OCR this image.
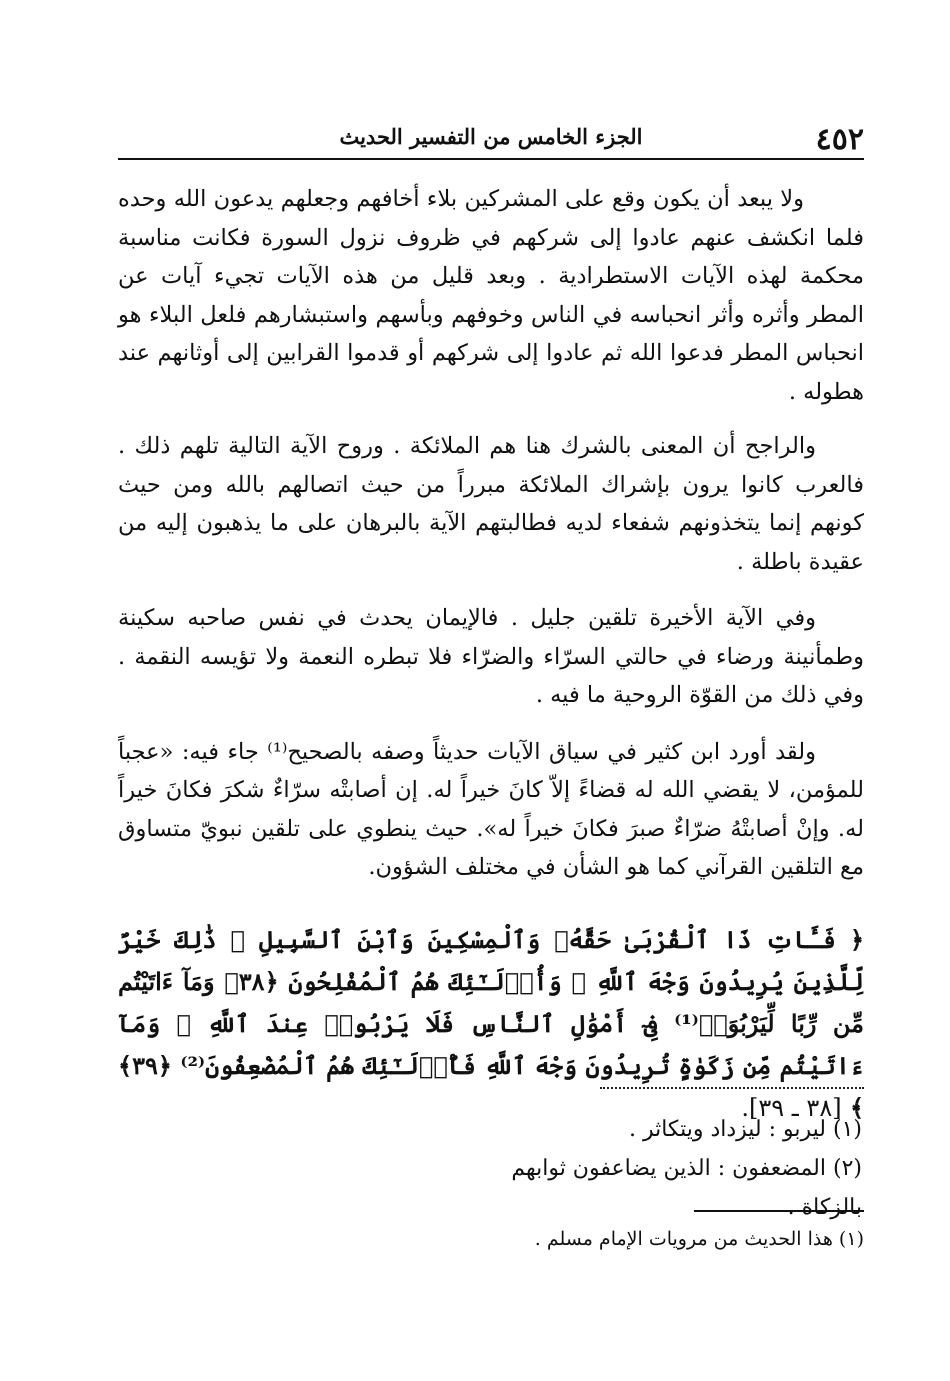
٤٥٢
الجزء الخامس من التفسير الحديث

ولا يبعد أن يكون وقع على المشركين بلاء أخافهم وجعلهم يدعون الله وحده فلما انكشف عنهم عادوا إلى شركهم في ظروف نزول السورة فكانت مناسبة محكمة لهذه الآيات الاستطرادية . وبعد قليل من هذه الآيات تجيء آيات عن المطر وأثره وأثر انحباسه في الناس وخوفهم وبأسهم واستبشارهم فلعل البلاء هو انحباس المطر فدعوا الله ثم عادوا إلى شركهم أو قدموا القرابين إلى أوثانهم عند هطوله .

والراجح أن المعنى بالشرك هنا هم الملائكة . وروح الآية التالية تلهم ذلك . فالعرب كانوا يرون بإشراك الملائكة مبرراً من حيث اتصالهم بالله ومن حيث كونهم إنما يتخذونهم شفعاء لديه فطالبتهم الآية بالبرهان على ما يذهبون إليه من عقيدة باطلة .

وفي الآية الأخيرة تلقين جليل . فالإيمان يحدث في نفس صاحبه سكينة وطمأنينة ورضاء في حالتي السرّاء والضرّاء فلا تبطره النعمة ولا تؤيسه النقمة . وفي ذلك من القوّة الروحية ما فيه .

ولقد أورد ابن كثير في سياق الآيات حديثاً وصفه بالصحيح⁽¹⁾ جاء فيه: «عجباً للمؤمن، لا يقضي الله له قضاءً إلاّ كانَ خيراً له. إن أصابتْه سرّاءٌ شكرَ فكانَ خيراً له. وإنْ أصابتْهُ ضرّاءٌ صبرَ فكانَ خيراً له». حيث ينطوي على تلقين نبويّ متساوق مع التلقين القرآني كما هو الشأن في مختلف الشؤون.

﴿ فَـَٔاتِ ذَا ٱلْقُرْبَىٰ حَقَّهُۥ وَٱلْمِسْكِينَ وَٱبْنَ ٱلسَّبِيلِ ۚ ذَٰلِكَ خَيْرٌ لِّلَّذِينَ يُرِيدُونَ وَجْهَ ٱللَّهِ ۖ وَأُو۟لَـٰٓئِكَ هُمُ ٱلْمُفْلِحُونَ ﴿٣٨﴾ وَمَآ ءَاتَيْتُم مِّن رِّبًا لِّيَرْبُوَا۟⁽¹⁾ فِىٓ أَمْوَٰلِ ٱلنَّاسِ فَلَا يَرْبُوا۟ عِندَ ٱللَّهِ ۖ وَمَآ ءَاتَيْتُم مِّن زَكَوٰةٍ تُرِيدُونَ وَجْهَ ٱللَّهِ فَأُو۟لَـٰٓئِكَ هُمُ ٱلْمُضْعِفُونَ⁽²⁾ ﴿٣٩﴾ ﴾ [٣٨ ـ ٣٩].

(١) ليربو : ليزداد ويتكاثر .

(٢) المضعفون : الذين يضاعفون ثوابهم بالزكاة .

(١) هذا الحديث من مرويات الإمام مسلم .
